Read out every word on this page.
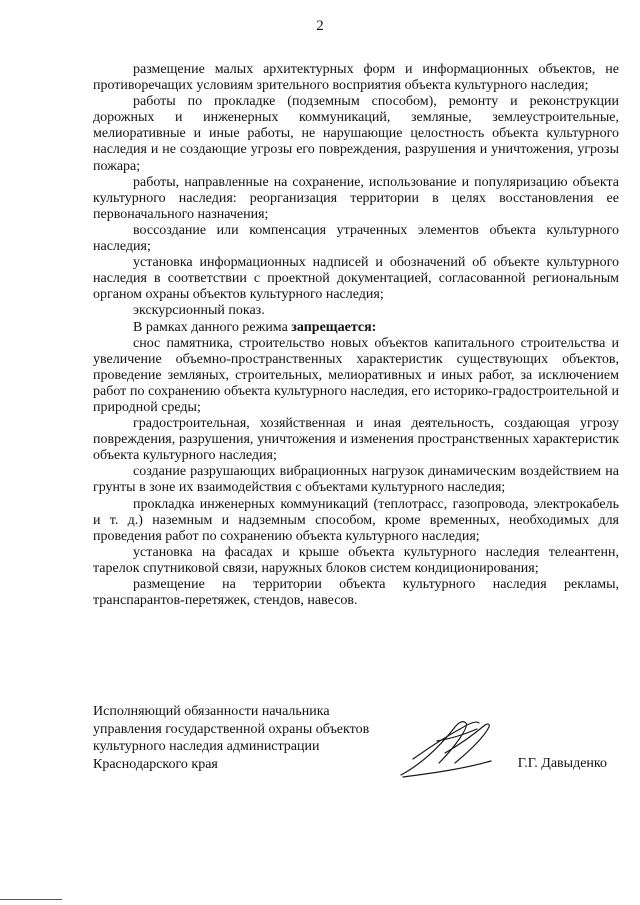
2

размещение малых архитектурных форм и информационных объектов, не противоречащих условиям зрительного восприятия объекта культурного наследия;

работы по прокладке (подземным способом), ремонту и реконструкции дорожных и инженерных коммуникаций, земляные, землеустроительные, мелиоративные и иные работы, не нарушающие целостность объекта культурного наследия и не создающие угрозы его повреждения, разрушения и уничтожения, угрозы пожара;

работы, направленные на сохранение, использование и популяризацию объекта культурного наследия: реорганизация территории в целях восстановления ее первоначального назначения;

воссоздание или компенсация утраченных элементов объекта культурного наследия;

установка информационных надписей и обозначений об объекте культурного наследия в соответствии с проектной документацией, согласованной региональным органом охраны объектов культурного наследия;

экскурсионный показ.

В рамках данного режима запрещается:

снос памятника, строительство новых объектов капитального строительства и увеличение объемно-пространственных характеристик существующих объектов, проведение земляных, строительных, мелиоративных и иных работ, за исключением работ по сохранению объекта культурного наследия, его историко-градостроительной и природной среды;

градостроительная, хозяйственная и иная деятельность, создающая угрозу повреждения, разрушения, уничтожения и изменения пространственных характеристик объекта культурного наследия;

создание разрушающих вибрационных нагрузок динамическим воздействием на грунты в зоне их взаимодействия с объектами культурного наследия;

прокладка инженерных коммуникаций (теплотрасс, газопровода, электрокабель и т. д.) наземным и надземным способом, кроме временных, необходимых для проведения работ по сохранению объекта культурного наследия;

установка на фасадах и крыше объекта культурного наследия телеантенн, тарелок спутниковой связи, наружных блоков систем кондиционирования;

размещение на территории объекта культурного наследия рекламы, транспарантов-перетяжек, стендов, навесов.

Исполняющий обязанности начальника
управления государственной охраны объектов
культурного наследия администрации
Краснодарского края	Г.Г. Давыденко
